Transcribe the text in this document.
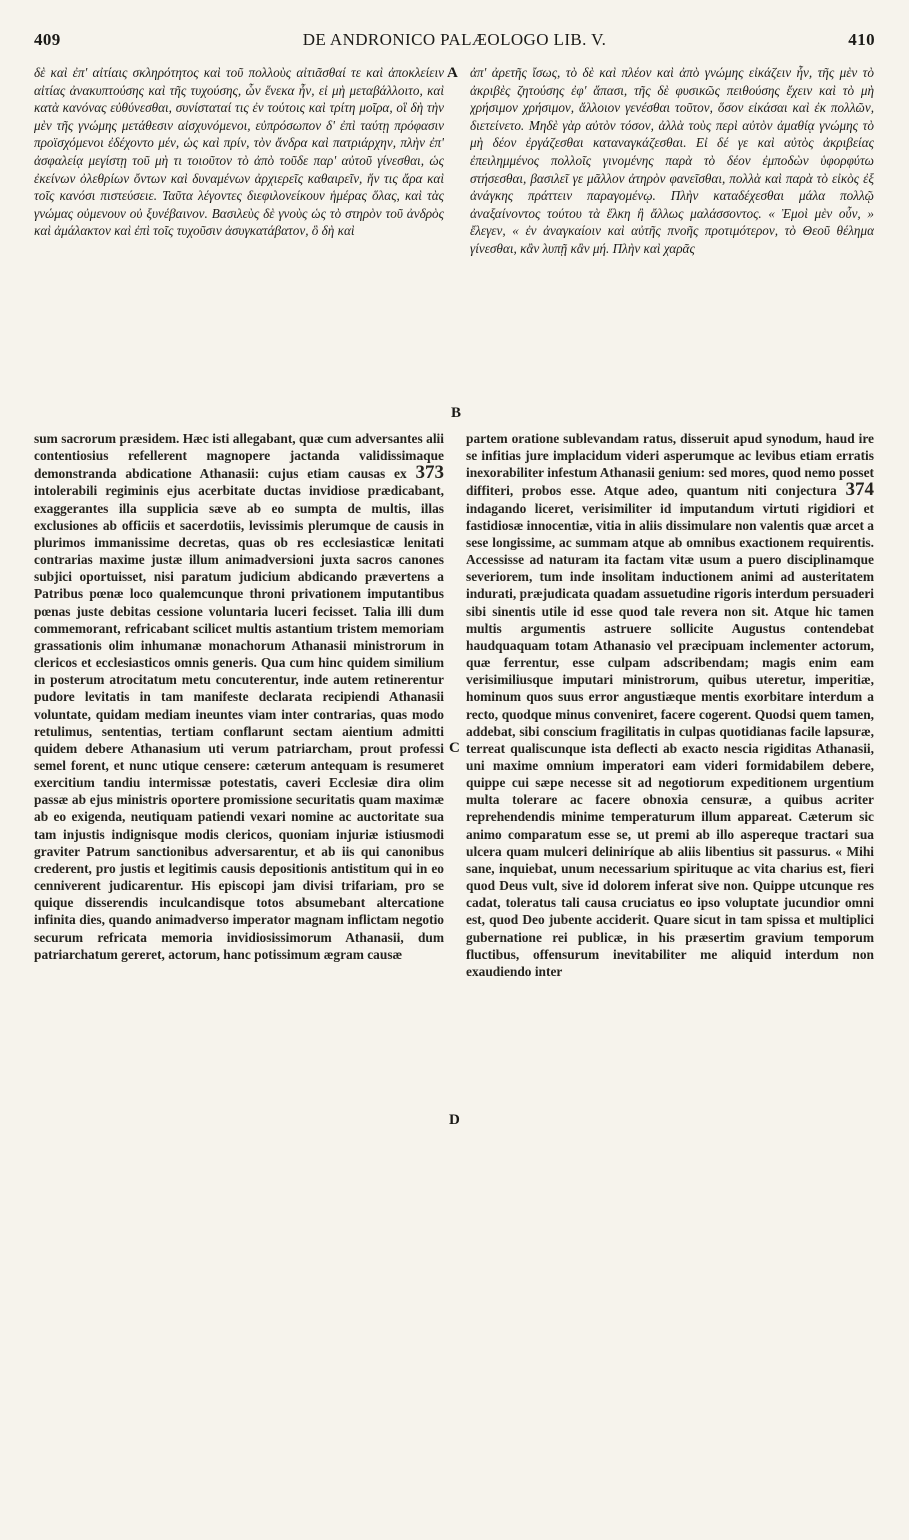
409	DE ANDRONICO PALÆOLOGO LIB. V.	410
A
B
C
D

δὲ καὶ ἐπ' αἰτίαις σκληρότητος καὶ τοῦ πολλοὺς αἰτιᾶσθαί τε καὶ ἀποκλείειν αἰτίας ἀνακυπτούσης καὶ τῆς τυχούσης, ὧν ἕνεκα ἦν, εἰ μὴ μεταβάλλοιτο, καὶ κατὰ κανόνας εὐθύνεσθαι, συνίσταταί τις ἐν τούτοις καὶ τρίτη μοῖρα, οἳ δὴ τὴν μὲν τῆς γνώμης μετάθεσιν αἰσχυνόμενοι, εὐπρόσωπον δ' ἐπὶ ταύτῃ πρόφασιν προϊσχόμενοι ἐδέχοντο μέν, ὡς καὶ πρίν, τὸν ἄνδρα καὶ πατριάρχην, πλὴν ἐπ' ἀσφαλείᾳ μεγίστῃ τοῦ μὴ τι τοιοῦτον τὸ ἀπὸ τοῦδε παρ' αὐτοῦ γίνεσθαι, ὡς ἐκείνων ὀλεθρίων ὄντων καὶ δυναμένων ἀρχιερεῖς καθαιρεῖν, ἥν τις ἄρα καὶ τοῖς κανόσι πιστεύσειε. Ταῦτα λέγοντες διεφιλονείκουν ἡμέρας ὅλας, καὶ τὰς γνώμας οὐμενουν οὐ ξυνέβαινον. Βασιλεὺς δὲ γνοὺς ὡς τὸ στηρὸν τοῦ ἀνδρὸς καὶ ἀμάλακτον καὶ ἐπὶ τοῖς τυχοῦσιν ἀσυγκατάβατον, ὃ δὴ καὶ

ἀπ' ἀρετῆς ἴσως, τὸ δὲ καὶ πλέον καὶ ἀπὸ γνώμης εἰκάζειν ἦν, τῆς μὲν τὸ ἀκριβὲς ζητούσης ἐφ' ἅπασι, τῆς δὲ φυσικῶς πειθούσης ἔχειν καὶ τὸ μὴ χρήσιμον χρήσιμον, ἄλλοιον γενέσθαι τοῦτον, ὅσον εἰκάσαι καὶ ἐκ πολλῶν, διετείνετο. Μηδὲ γὰρ αὐτὸν τόσον, ἀλλὰ τοὺς περὶ αὐτὸν ἀμαθίᾳ γνώμης τὸ μὴ δέον ἐργάζεσθαι καταναγκάζεσθαι. Εἰ δέ γε καὶ αὐτὸς ἀκριβείας ἐπειλημμένος πολλοῖς γινομένης παρὰ τὸ δέον ἐμποδὼν ὑφορφύτω στήσεσθαι, βασιλεῖ γε μᾶλλον ἀτηρὸν φανεῖσθαι, πολλὰ καὶ παρὰ τὸ εἰκὸς ἐξ ἀνάγκης πράττειν παραγομένῳ. Πλὴν καταδέχεσθαι μάλα πολλῷ ἀναξαίνοντος τούτου τὰ ἕλκη ἢ ἄλλως μαλάσσοντος. « Ἐμοὶ μὲν οὖν, » ἔλεγεν, « ἐν ἀναγκαίοιν καὶ αὐτῆς πνοῆς προτιμότερον, τὸ Θεοῦ θέλημα γίνεσθαι, κἂν λυπῇ κἂν μή. Πλὴν καὶ χαρᾶς

sum sacrorum præsidem. Hæc isti allegabant, quæ cum adversantes alii contentiosius refellerent magnopere jactanda validissimaque demonstranda abdicatione Athanasii: cujus etiam causas ex 373 intolerabili regiminis ejus acerbitate ductas invidiose prædicabant, exaggerantes illa supplicia sæve ab eo sumpta de multis, illas exclusiones ab officiis et sacerdotiis, levissimis plerumque de causis in plurimos immanissime decretas, quas ob res ecclesiasticæ lenitati contrarias maxime justæ illum animadversioni juxta sacros canones subjici oportuisset, nisi paratum judicium abdicando prævertens a Patribus pœnæ loco qualemcunque throni privationem imputantibus pœnas juste debitas cessione voluntaria luceri fecisset. Talia illi dum commemorant, refricabant scilicet multis astantium tristem memoriam grassationis olim inhumanæ monachorum Athanasii ministrorum in clericos et ecclesiasticos omnis generis. Qua cum hinc quidem similium in posterum atrocitatum metu concuterentur, inde autem retinerentur pudore levitatis in tam manifeste declarata recipiendi Athanasii voluntate, quidam mediam ineuntes viam inter contrarias, quas modo retulimus, sententias, tertiam conflarunt sectam aientium admitti quidem debere Athanasium uti verum patriarcham, prout professi semel forent, et nunc utique censere: cæterum antequam is resumeret exercitium tandiu intermissæ potestatis, caveri Ecclesiæ dira olim passæ ab ejus ministris oportere promissione securitatis quam maximæ ab eo exigenda, neutiquam patiendi vexari nomine ac auctoritate sua tam injustis indignisque modis clericos, quoniam injuriæ istiusmodi graviter Patrum sanctionibus adversarentur, et ab iis qui canonibus crederent, pro justis et legitimis causis depositionis antistitum qui in eo cenniverent judicarentur. His episcopi jam divisi trifariam, pro se quique disserendis inculcandisque totos absumebant altercatione infinita dies, quando animadverso imperator magnam inflictam negotio securum refricata memoria invidiosissimorum Athanasii, dum patriarchatum gereret, actorum, hanc potissimum ægram causæ

partem oratione sublevandam ratus, disseruit apud synodum, haud ire se infitias jure implacidum videri asperumque ac levibus etiam erratis inexorabiliter infestum Athanasii genium: sed mores, quod nemo posset diffiteri, probos esse. Atque adeo, quantum niti conjectura 374 indagando liceret, verisimiliter id imputandum virtuti rigidiori et fastidiosæ innocentiæ, vitia in aliis dissimulare non valentis quæ arcet a sese longissime, ac summam atque ab omnibus exactionem requirentis. Accessisse ad naturam ita factam vitæ usum a puero disciplinamque severiorem, tum inde insolitam inductionem animi ad austeritatem indurati, præjudicata quadam assuetudine rigoris interdum persuaderi sibi sinentis utile id esse quod tale revera non sit. Atque hic tamen multis argumentis astruere sollicite Augustus contendebat haudquaquam totam Athanasio vel præcipuam inclementer actorum, quæ ferrentur, esse culpam adscribendam; magis enim eam verisimiliusque imputari ministrorum, quibus uteretur, imperitiæ, hominum quos suus error angustiæque mentis exorbitare interdum a recto, quodque minus conveniret, facere cogerent. Quodsi quem tamen, addebat, sibi conscium fragilitatis in culpas quotidianas facile lapsuræ, terreat qualiscunque ista deflecti ab exacto nescia rigiditas Athanasii, uni maxime omnium imperatori eam videri formidabilem debere, quippe cui sæpe necesse sit ad negotiorum expeditionem urgentium multa tolerare ac facere obnoxia censuræ, a quibus acriter reprehendendis minime temperaturum illum appareat. Cæterum sic animo comparatum esse se, ut premi ab illo aspereque tractari sua ulcera quam mulceri deliniríque ab aliis libentius sit passurus. « Mihi sane, inquiebat, unum necessarium spirituque ac vita charius est, fieri quod Deus vult, sive id dolorem inferat sive non. Quippe utcunque res cadat, toleratus tali causa cruciatus eo ipso voluptate jucundior omni est, quod Deo jubente acciderit. Quare sicut in tam spissa et multiplici gubernatione rei publicæ, in his præsertim gravium temporum fluctibus, offensurum inevitabiliter me aliquid interdum non exaudiendo inter
